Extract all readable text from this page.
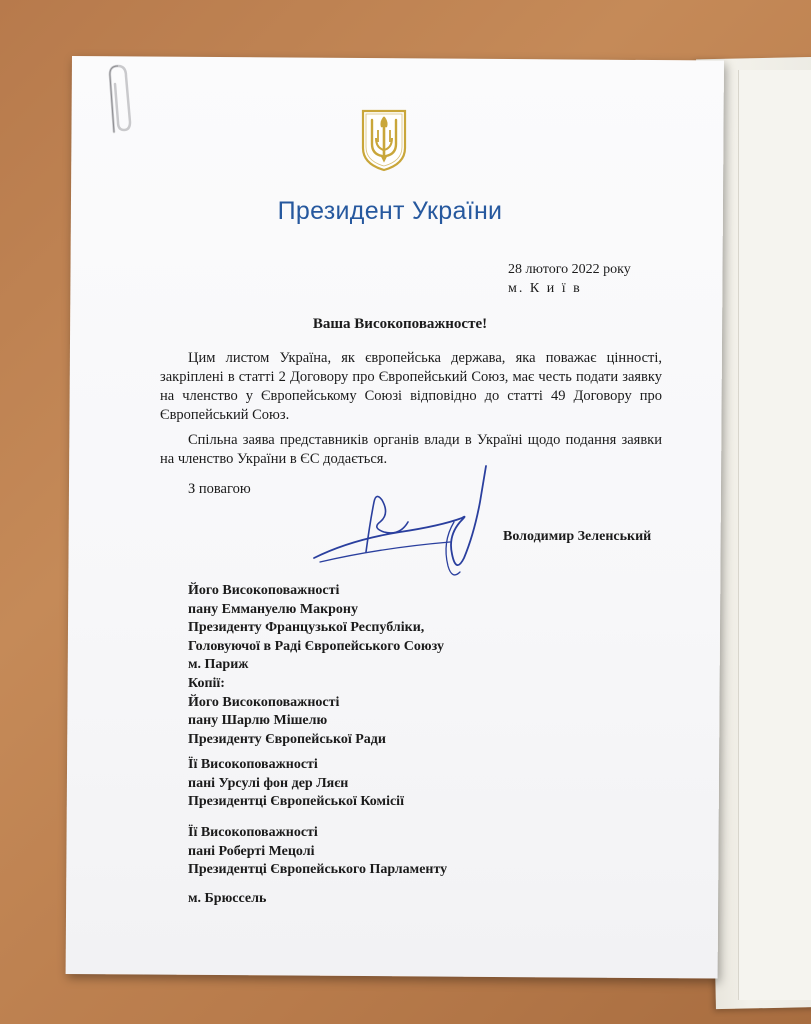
Президент України
28 лютого 2022 року
м. К и ї в
Ваша Високоповажносте!

Цим листом Україна, як європейська держава, яка поважає цінності, закріплені в статті 2 Договору про Європейський Союз, має честь подати заявку на членство у Європейському Союзі відповідно до статті 49 Договору про Європейський Союз.

Спільна заява представників органів влади в Україні щодо подання заявки на членство України в ЄС додається.

З повагою
Володимир Зеленський
Його Високоповажності
пану Еммануелю Макрону
Президенту Французької Республіки,
Головуючої в Раді Європейського Союзу
м. Париж
Копії:
Його Високоповажності
пану Шарлю Мішелю
Президенту Європейської Ради
Її Високоповажності
пані Урсулі фон дер Ляєн
Президентці Європейської Комісії
Її Високоповажності
пані Роберті Мецолі
Президентці Європейського Парламенту
м. Брюссель
